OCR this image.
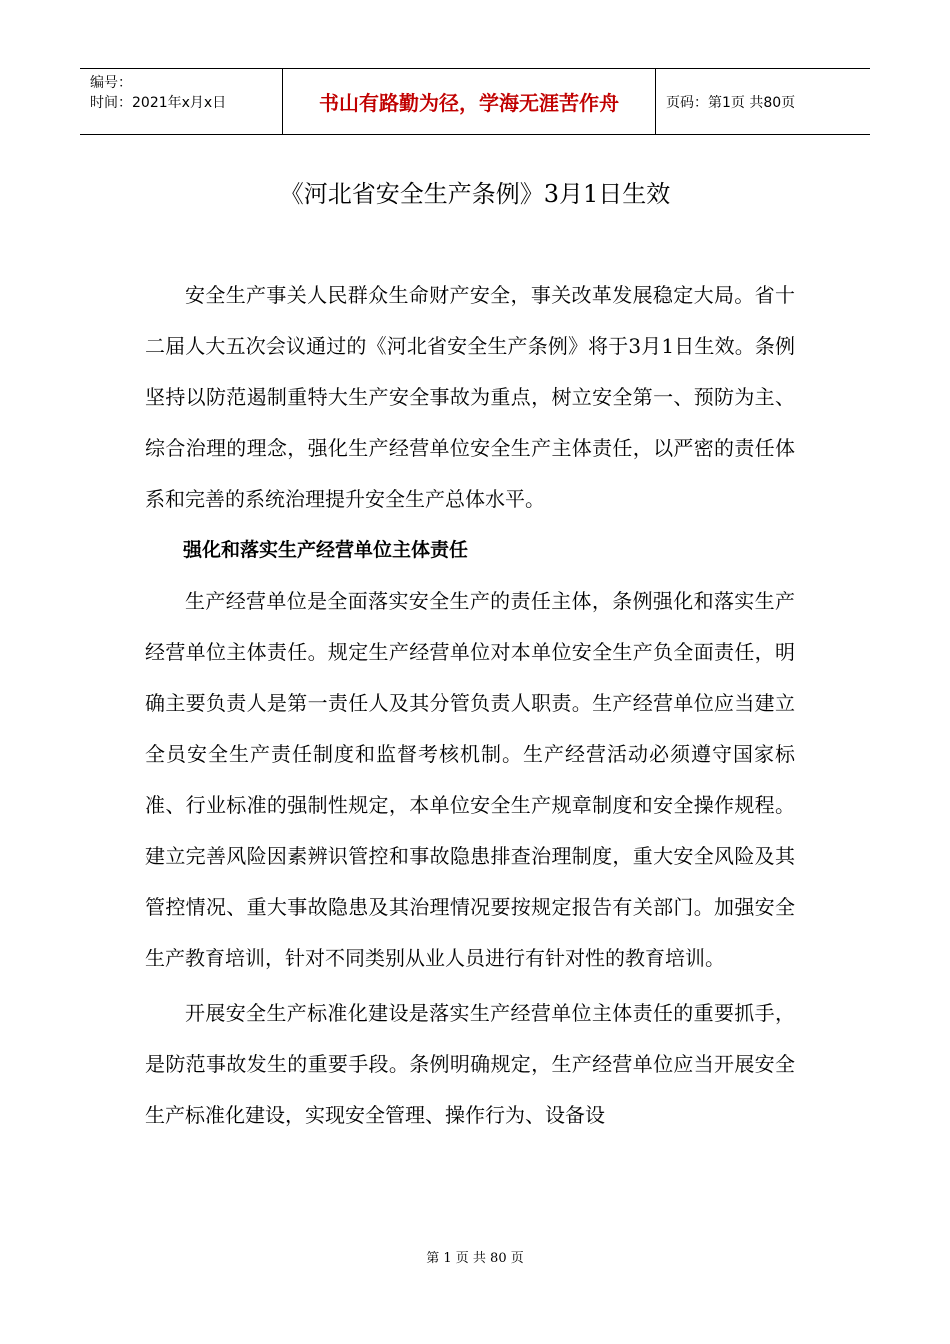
编号：
时间：2021年x月x日	书山有路勤为径，学海无涯苦作舟	页码：第1页 共80页
《河北省安全生产条例》3月1日生效

安全生产事关人民群众生命财产安全，事关改革发展稳定大局。省十二届人大五次会议通过的《河北省安全生产条例》将于3月1日生效。条例坚持以防范遏制重特大生产安全事故为重点，树立安全第一、预防为主、综合治理的理念，强化生产经营单位安全生产主体责任，以严密的责任体系和完善的系统治理提升安全生产总体水平。

强化和落实生产经营单位主体责任

生产经营单位是全面落实安全生产的责任主体，条例强化和落实生产经营单位主体责任。规定生产经营单位对本单位安全生产负全面责任，明确主要负责人是第一责任人及其分管负责人职责。生产经营单位应当建立全员安全生产责任制度和监督考核机制。生产经营活动必须遵守国家标准、行业标准的强制性规定，本单位安全生产规章制度和安全操作规程。建立完善风险因素辨识管控和事故隐患排查治理制度，重大安全风险及其管控情况、重大事故隐患及其治理情况要按规定报告有关部门。加强安全生产教育培训，针对不同类别从业人员进行有针对性的教育培训。

开展安全生产标准化建设是落实生产经营单位主体责任的重要抓手，是防范事故发生的重要手段。条例明确规定，生产经营单位应当开展安全生产标准化建设，实现安全管理、操作行为、设备设

第 1 页 共 80 页
